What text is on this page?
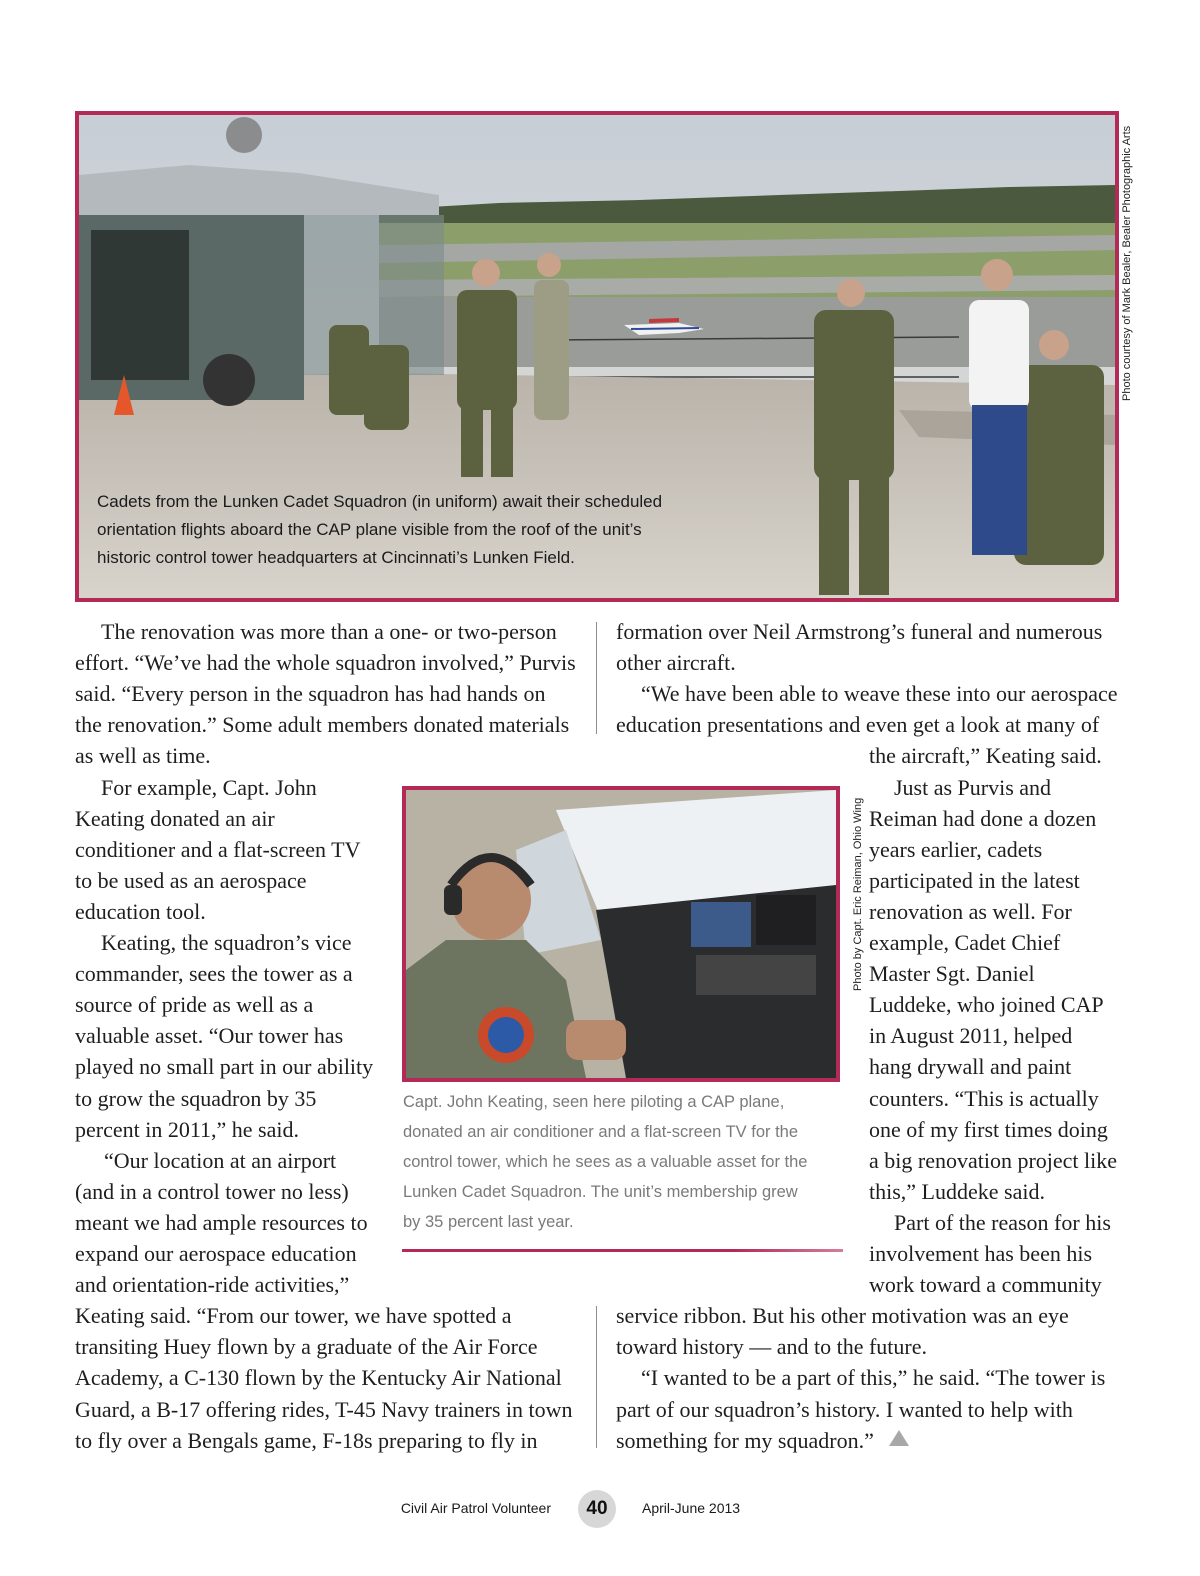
Cadets from the Lunken Cadet Squadron (in uniform) await their scheduled
orientation flights aboard the CAP plane visible from the roof of the unit’s
historic control tower headquarters at Cincinnati’s Lunken Field.
Photo courtesy of Mark Bealer, Bealer Photographic Arts
The renovation was more than a one- or two-person
effort. “We’ve had the whole squadron involved,” Purvis
said. “Every person in the squadron has had hands on
the renovation.” Some adult members donated materials
as well as time.
For example, Capt. John
Keating donated an air
conditioner and a flat-screen TV
to be used as an aerospace
education tool.
Keating, the squadron’s vice
commander, sees the tower as a
source of pride as well as a
valuable asset. “Our tower has
played no small part in our ability
to grow the squadron by 35
percent in 2011,” he said.
“Our location at an airport
(and in a control tower no less)
meant we had ample resources to
expand our aerospace education
and orientation-ride activities,”
Keating said. “From our tower, we have spotted a
transiting Huey flown by a graduate of the Air Force
Academy, a C-130 flown by the Kentucky Air National
Guard, a B-17 offering rides, T-45 Navy trainers in town
to fly over a Bengals game, F-18s preparing to fly in
formation over Neil Armstrong’s funeral and numerous
other aircraft.
“We have been able to weave these into our aerospace
education presentations and even get a look at many of
the aircraft,” Keating said.
Just as Purvis and
Reiman had done a dozen
years earlier, cadets
participated in the latest
renovation as well. For
example, Cadet Chief
Master Sgt. Daniel
Luddeke, who joined CAP
in August 2011, helped
hang drywall and paint
counters. “This is actually
one of my first times doing
a big renovation project like
this,” Luddeke said.
Part of the reason for his
involvement has been his
work toward a community
service ribbon. But his other motivation was an eye
toward history — and to the future.
“I wanted to be a part of this,” he said. “The tower is
part of our squadron’s history. I wanted to help with
something for my squadron.”
Photo by Capt. Eric Reiman, Ohio Wing
Capt. John Keating, seen here piloting a CAP plane,
donated an air conditioner and a flat-screen TV for the
control tower, which he sees as a valuable asset for the
Lunken Cadet Squadron. The unit’s membership grew
by 35 percent last year.
Civil Air Patrol Volunteer	40	April-June 2013
